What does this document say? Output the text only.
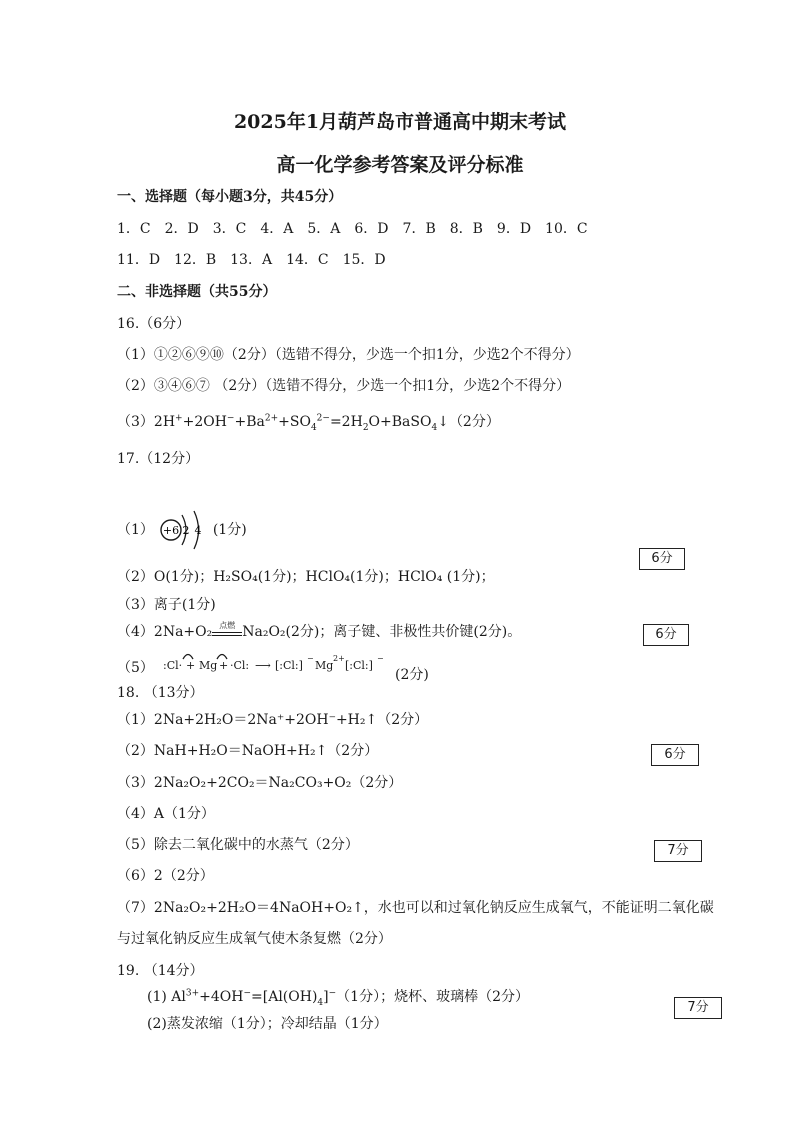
2025年1月葫芦岛市普通高中期末考试
高一化学参考答案及评分标准
一、选择题（每小题3分，共45分）
1．C　2．D　3．C　4．A　5．A　6．D　7．B　8．B　9．D　10．C
11．D　12．B　13．A　14．C　15．D
二、非选择题（共55分）
16.（6分）
（1）①②⑥⑨⑩（2分）（选错不得分，少选一个扣1分，少选2个不得分）
（2）③④⑥⑦ （2分）（选错不得分，少选一个扣1分，少选2个不得分）
$(3)2H^++2OH^-+Ba^{2+}+SO_4^{2-}=2H_2O+BaSO_4↓(2$分）
17.（12分）
（1） +6 2 4 (1分)
6分
（2）O(1分)；H₂SO₄(1分)；HClO₄(1分)；HClO₄ (1分)；
（3）离子(1分)
（4）2Na+O₂ 点燃 Na₂O₂(2分)；离子键、非极性共价键(2分)。	6分
（5） :Cl· + Mg + ·Cl: ⟶ [:Cl:]
−
Mg
2+
[:Cl:]
−
(2分)
18. （13分）
（1）2Na+2H₂O＝2Na⁺+2OH⁻+H₂↑（2分）
（2）NaH+H₂O＝NaOH+H₂↑（2分）	6分
（3）2Na₂O₂+2CO₂＝Na₂CO₃+O₂（2分）
（4）A（1分）
（5）除去二氧化碳中的水蒸气（2分）	7分
（6）2（2分）
（7）2Na₂O₂+2H₂O＝4NaOH+O₂↑，水也可以和过氧化钠反应生成氧气，不能证明二氧化碳
与过氧化钠反应生成氧气使木条复燃（2分）
19. （14分）
(1) $Al^{3+}+4OH^-=[Al(OH)_4]^-(1$分）；烧杯、玻璃棒（2分）
7分
(2)蒸发浓缩（1分）；冷却结晶（1分）
